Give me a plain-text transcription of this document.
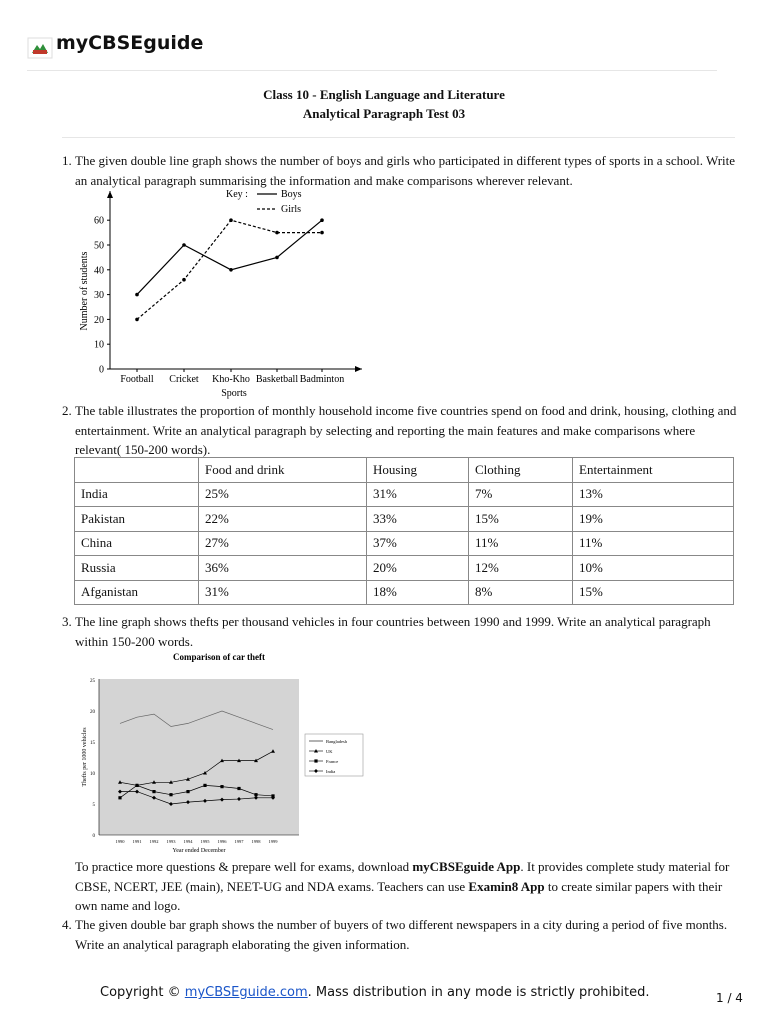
myCBSEguide
Class 10 - English Language and Literature
Analytical Paragraph Test 03
1. The given double line graph shows the number of boys and girls who participated in different types of sports in a school. Write an analytical paragraph summarising the information and make comparisons wherever relevant.
0
10
20
30
40
50
60
Football Cricket Kho-Kho Basketball Badminton
Key :	Boys
Girls
Number of students
Sports
2. The table illustrates the proportion of monthly household income five countries spend on food and drink, housing, clothing and entertainment. Write an analytical paragraph by selecting and reporting the main features and make comparisons where relevant( 150-200 words).
	Food and drink	Housing	Clothing	Entertainment
India	25%	31%	7%	13%
Pakistan	22%	33%	15%	19%
China	27%	37%	11%	11%
Russia	36%	20%	12%	10%
Afganistan	31%	18%	8%	15%
3. The line graph shows thefts per thousand vehicles in four countries between 1990 and 1999. Write an analytical paragraph within 150-200 words.
Comparison of car theft
0
5
10
15
20
25
1990 1991 1992 1993 1994 1995 1996 1997 1998 1999
Thefts per 1000 vehicles
Year ended December
Bangladesh
UK
France
India
To practice more questions & prepare well for exams, download myCBSEguide App. It provides complete study material for CBSE, NCERT, JEE (main), NEET-UG and NDA exams. Teachers can use Examin8 App to create similar papers with their own name and logo.
4. The given double bar graph shows the number of buyers of two different newspapers in a city during a period of five months. Write an analytical paragraph elaborating the given information.
Copyright © myCBSEguide.com. Mass distribution in any mode is strictly prohibited.	1 / 4
